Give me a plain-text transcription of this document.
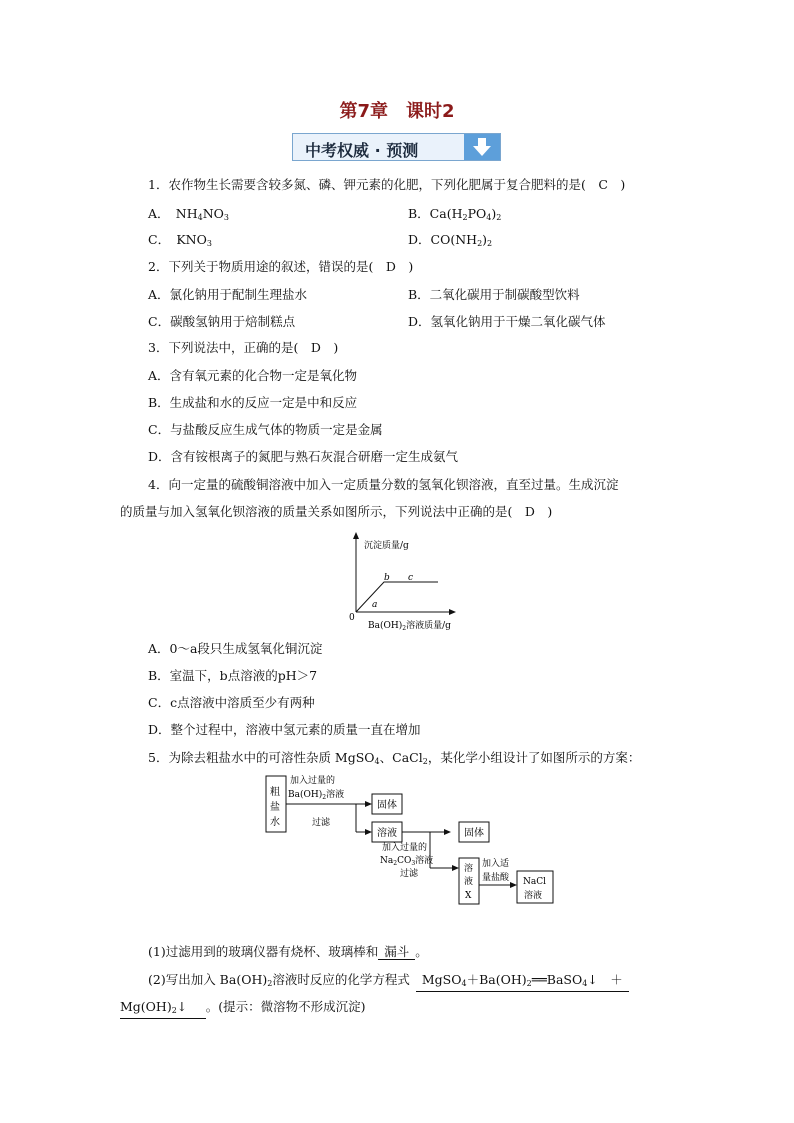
第7章　课时2
中考权威 · 预测
1．农作物生长需要含较多氮、磷、钾元素的化肥，下列化肥属于复合肥料的是(　C　)
A．　$NH_4NO_3$	B．$Ca(H_2PO_4)_2$
C．　$KNO_3$	D．$CO(NH_2)_2$
2．下列关于物质用途的叙述，错误的是(　D　)
A．氯化钠用于配制生理盐水	B．二氧化碳用于制碳酸型饮料
C．碳酸氢钠用于焙制糕点	D．氢氧化钠用于干燥二氧化碳气体
3．下列说法中，正确的是(　D　)
A．含有氧元素的化合物一定是氧化物
B．生成盐和水的反应一定是中和反应
C．与盐酸反应生成气体的物质一定是金属
D．含有铵根离子的氮肥与熟石灰混合研磨一定生成氨气
4．向一定量的硫酸铜溶液中加入一定质量分数的氢氧化钡溶液，直至过量。生成沉淀
的质量与加入氢氧化钡溶液的质量关系如图所示，下列说法中正确的是(　D　)
沉淀质量/g
0
a
b c
$Ba(OH)_2$溶液质量/g
A．0～a段只生成氢氧化铜沉淀
B．室温下，b点溶液的pH＞7
C．c点溶液中溶质至少有两种
D．整个过程中，溶液中氢元素的质量一直在增加
5．为除去粗盐水中的可溶性杂质 MgSO$_4$、CaCl$_2$，某化学小组设计了如图所示的方案：
粗
盐
水
加入过量的
$Ba(OH)_2$溶液
过滤
固体
溶液
加入过量的
$Na_2CO_3$溶液
过滤
固体
溶
液
X
加入适
量盐酸 NaCl
溶液
(1)过滤用到的玻璃仪器有烧杯、玻璃棒和 漏斗 。
(2)写出加入 $Ba(OH)_2$溶液时反应的化学方程式 $MgSO_4+Ba(OH)_2══BaSO_4↓$　＋
$Mg(OH)_2↓$　 。(提示：微溶物不形成沉淀)
